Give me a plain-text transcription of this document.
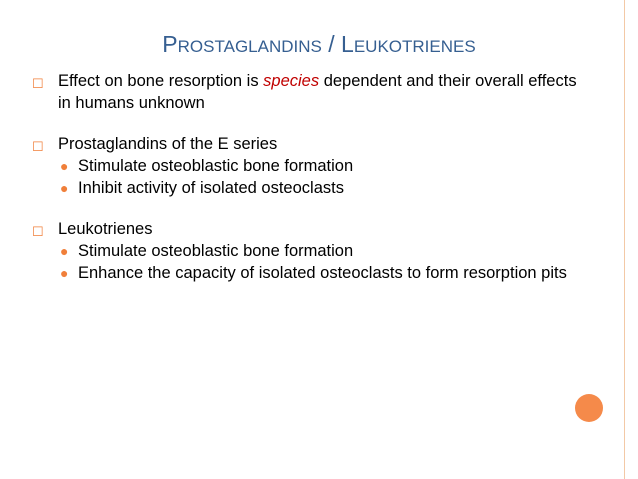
PROSTAGLANDINS / LEUKOTRIENES
☐ Effect on bone resorption is species dependent and their overall effects in humans unknown
☐ Prostaglandins of the E series
● Stimulate osteoblastic bone formation
● Inhibit activity of isolated osteoclasts
☐ Leukotrienes
● Stimulate osteoblastic bone formation
● Enhance the capacity of isolated osteoclasts to form resorption pits
